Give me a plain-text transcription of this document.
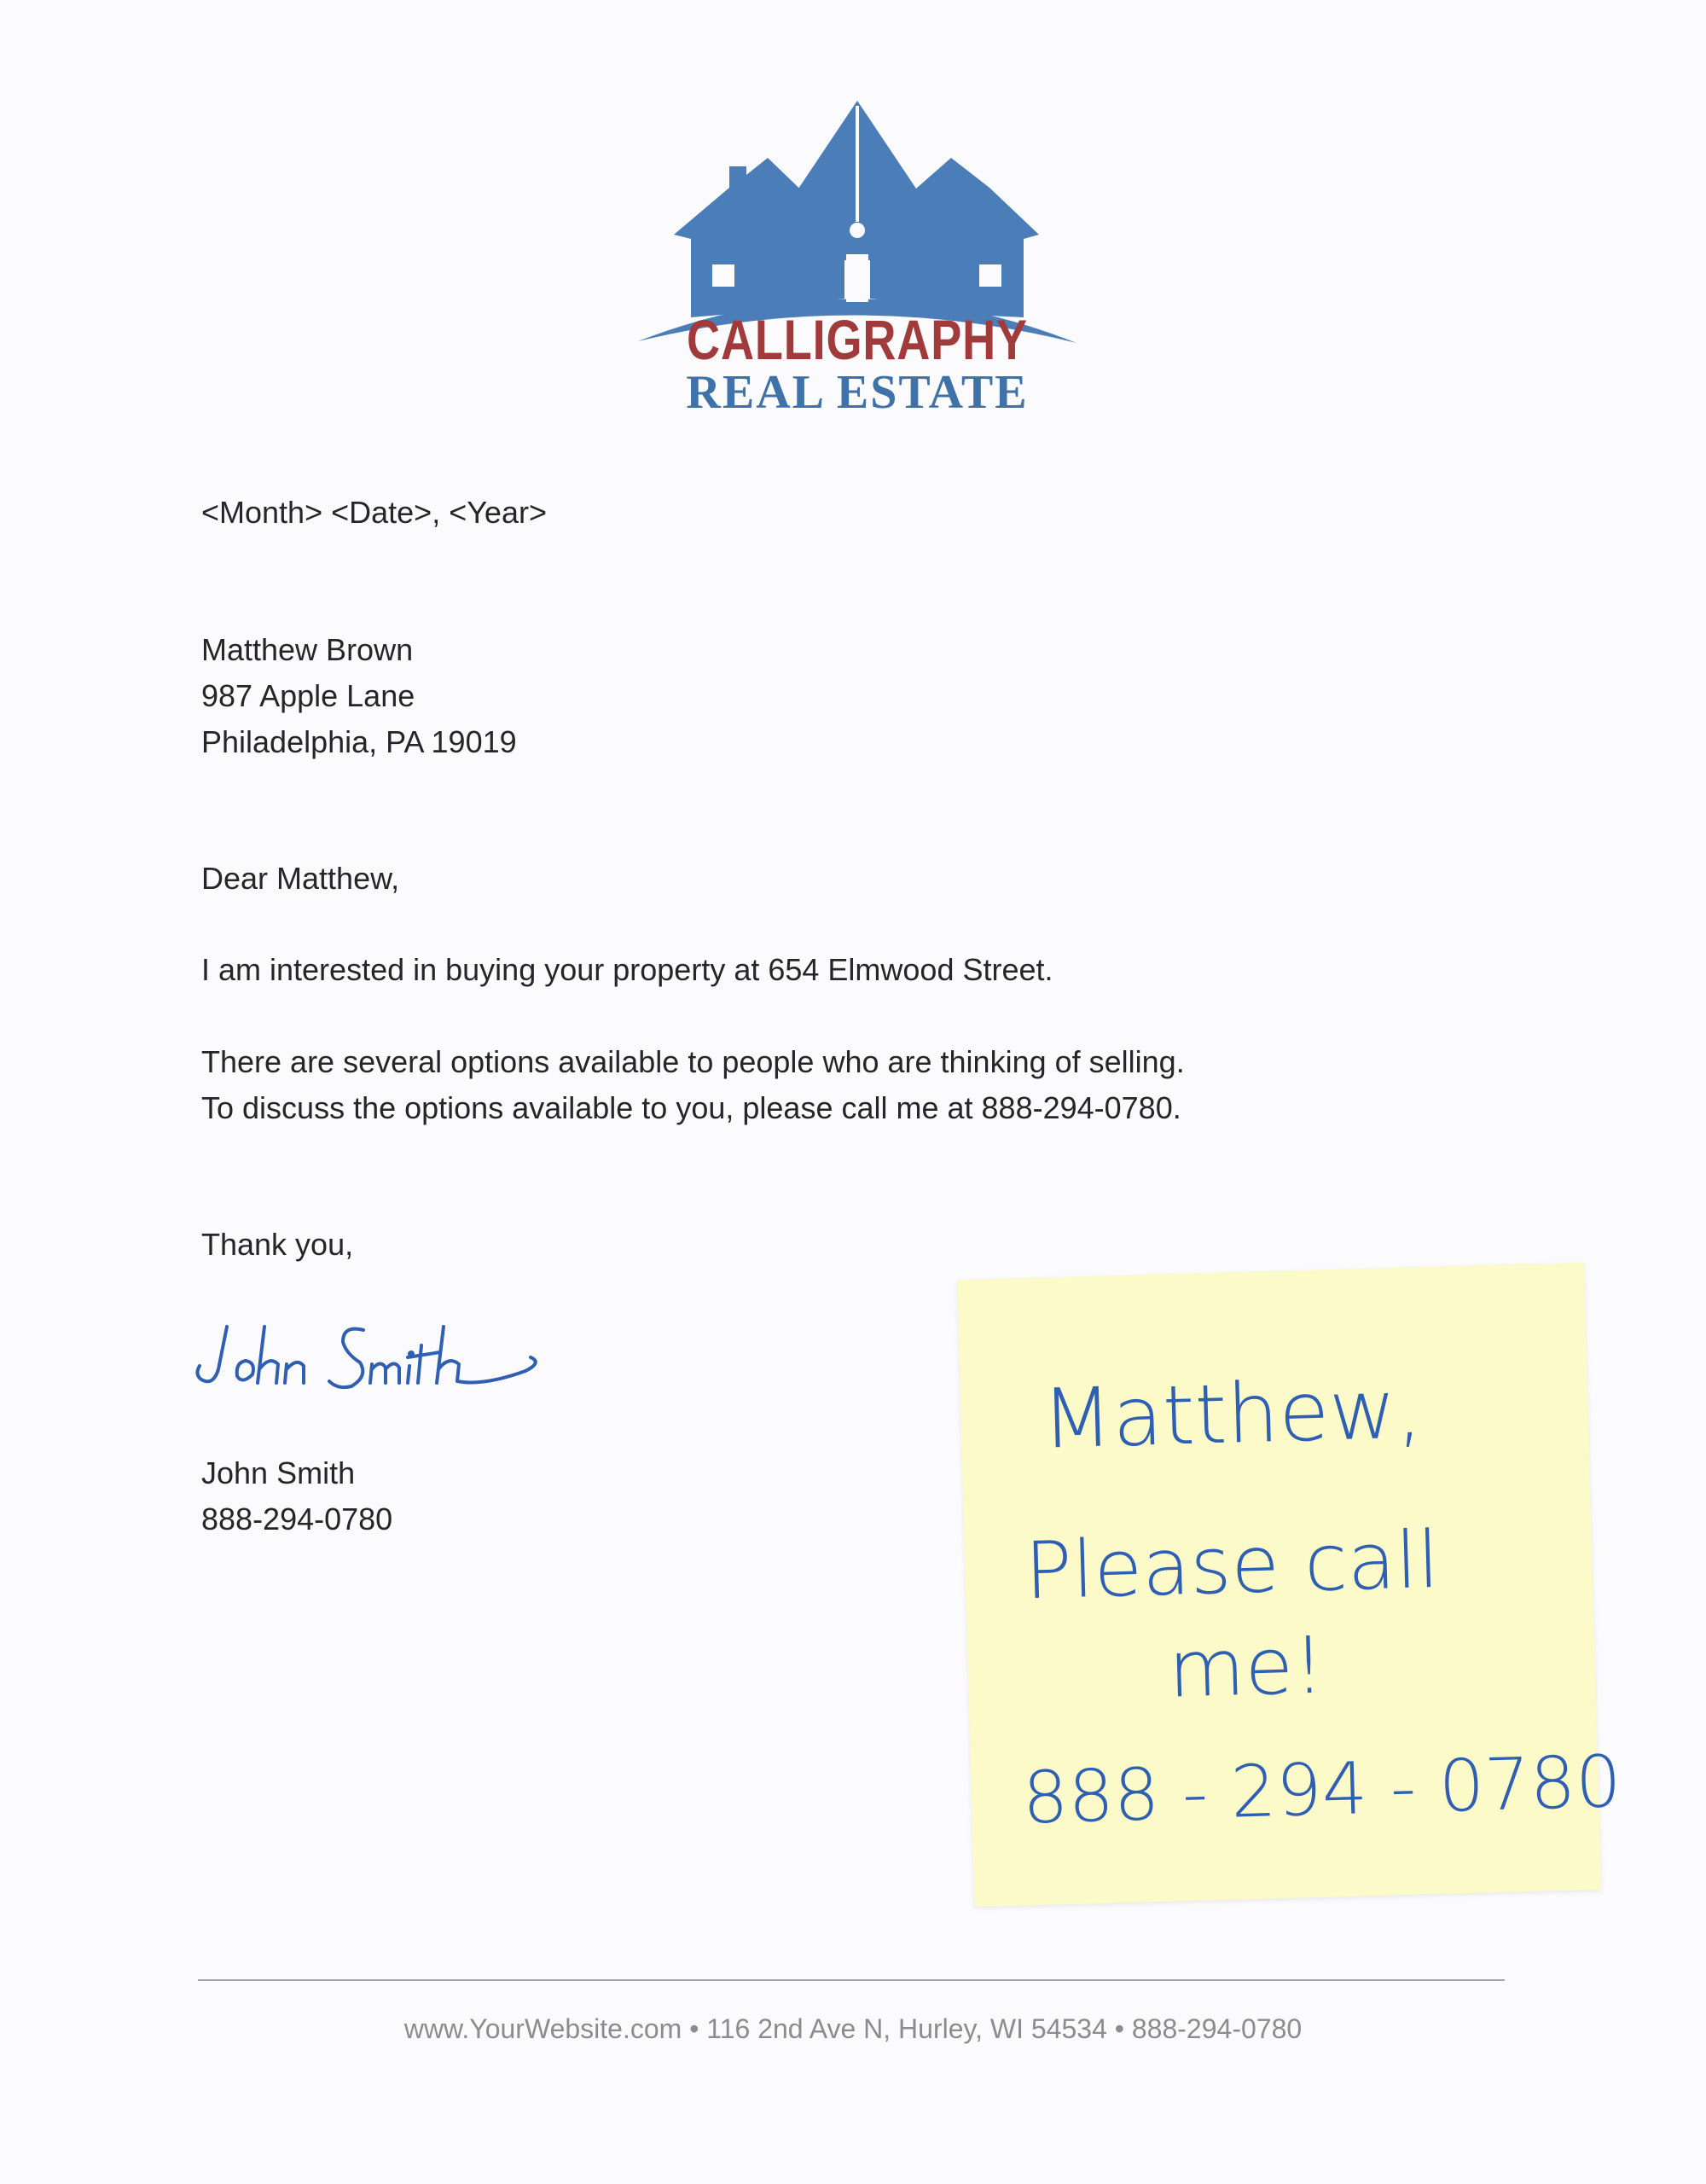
CALLIGRAPHY
REAL ESTATE
<Month> <Date>, <Year>
Matthew Brown
987 Apple Lane
Philadelphia, PA 19019
Dear Matthew,
I am interested in buying your property at 654 Elmwood Street.
There are several options available to people who are thinking of selling.
To discuss the options available to you, please call me at 888-294-0780.
Thank you,
John Smith
888-294-0780
Matthew,
Please call
me!
888 - 294 - 0780
www.YourWebsite.com • 116 2nd Ave N, Hurley, WI 54534 • 888-294-0780
